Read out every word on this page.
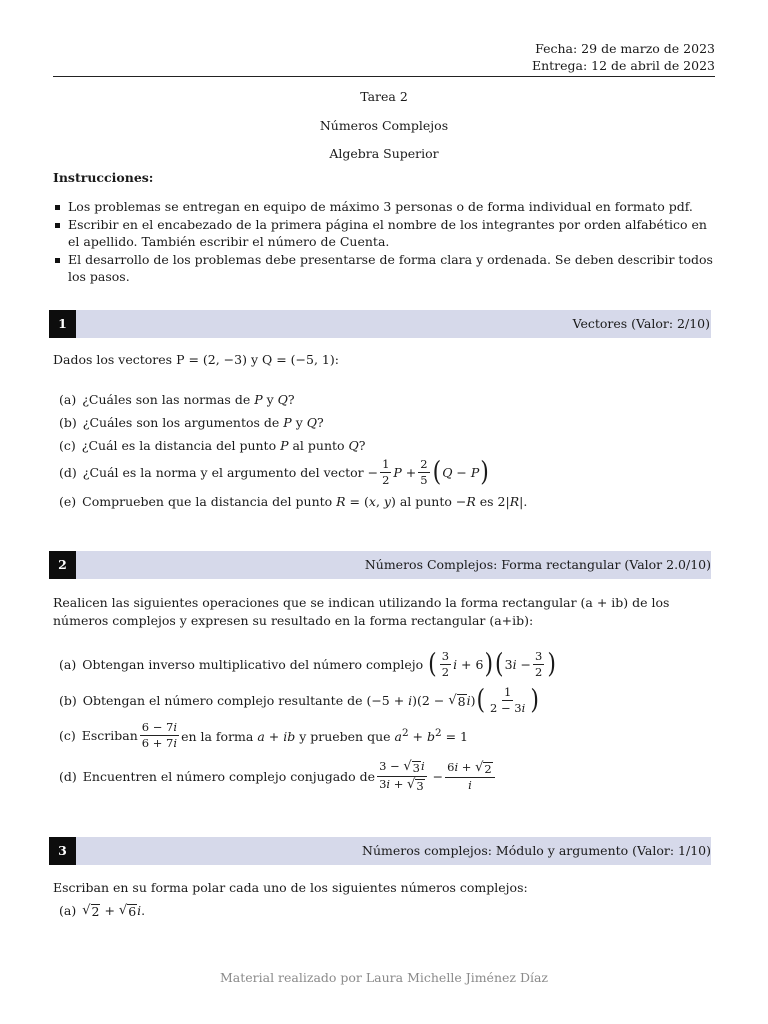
Fecha: 29 de marzo de 2023
Entrega: 12 de abril de 2023
Tarea 2
Números Complejos
Algebra Superior
Instrucciones:
Los problemas se entregan en equipo de máximo 3 personas o de forma individual en formato pdf.
Escribir en el encabezado de la primera página el nombre de los integrantes por orden alfabético en el apellido. También escribir el número de Cuenta.
El desarrollo de los problemas debe presentarse de forma clara y ordenada. Se deben describir todos los pasos.
1	Vectores (Valor: 2/10)
Dados los vectores P = (2, −3) y Q = (−5, 1):
(a) ¿Cuáles son las normas de P y Q?
(b) ¿Cuáles son los argumentos de P y Q?
(c) ¿Cuál es la distancia del punto P al punto Q?
(d) ¿Cuál es la norma y el argumento del vector − $\frac{1}{2}$ $P + \frac{2}{5}$ ( Q − P )
(e) Comprueben que la distancia del punto R = (x, y) al punto −R es 2|R|.
2	Números Complejos: Forma rectangular (Valor 2.0/10)
Realicen las siguientes operaciones que se indican utilizando la forma rectangular (a + ib) de los números complejos y expresen su resultado en la forma rectangular (a+ib):
(a) Obtengan inverso multiplicativo del número complejo
( $\frac{3}{2}$ i + 6 ) ( 3 $i - \frac{3}{2}$ )
(b) Obtengan el número complejo resultante de (−5 + i)(2 − √ 8 i ) ( $\frac{1}{2 - 3i}$ )
(c) Escriban $\frac{6 - 7i}{6 + 7i}$ en la forma a + ib y prueben que $a^2 + b^2 = 1$
(d) Encuentren el número complejo conjugado de $\frac{3 - √ 3 i}{3i + √ 3} - \frac{6i + √ 2}{i}$
3	Números complejos: Módulo y argumento (Valor: 1/10)
Escriban en su forma polar cada uno de los siguientes números complejos:
(a) √ 2 + √ 6 i .
Material realizado por Laura Michelle Jiménez Díaz
